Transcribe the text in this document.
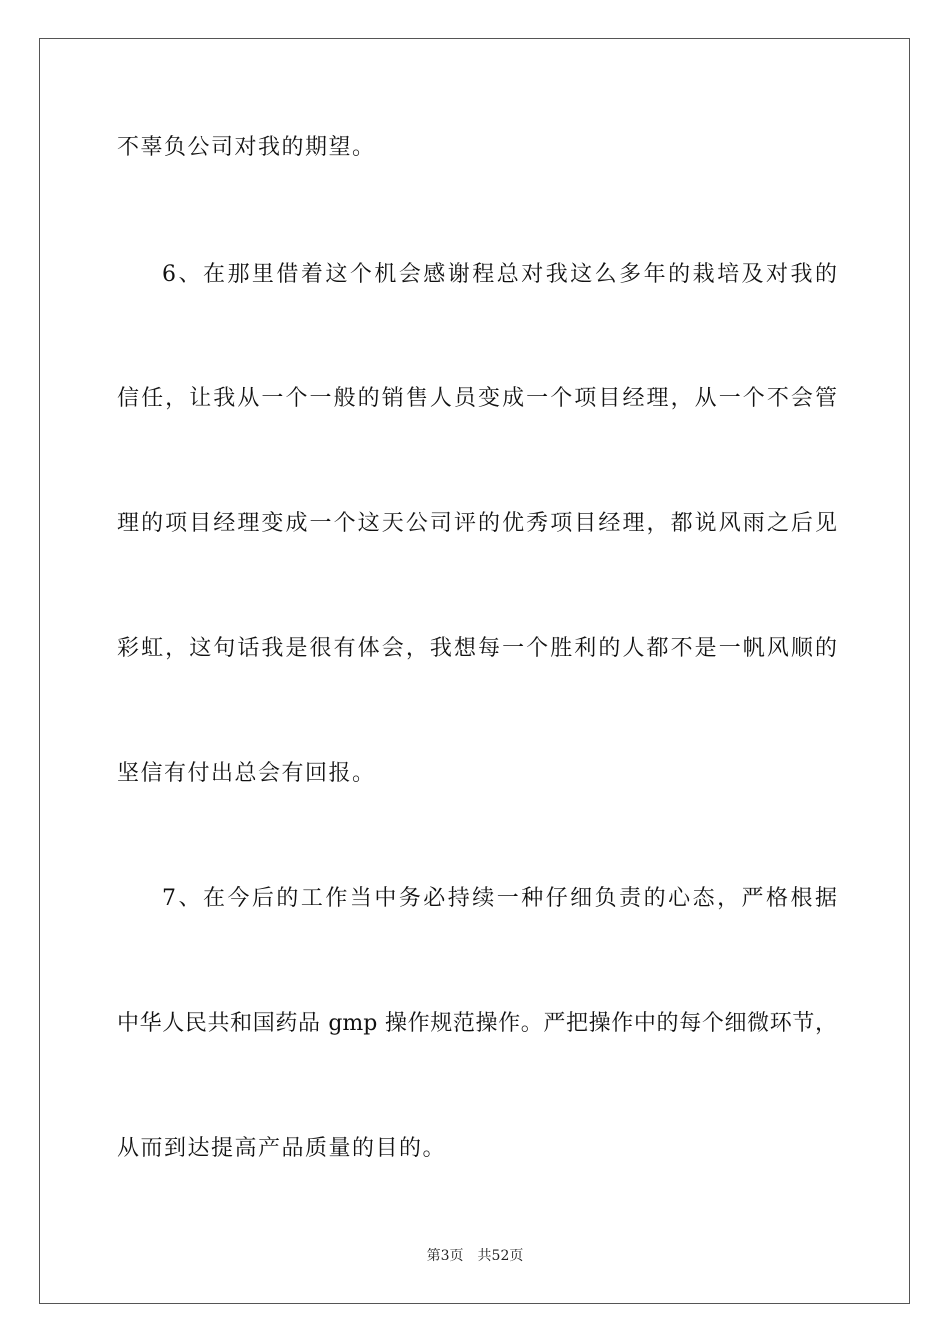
不辜负公司对我的期望。
6、在那里借着这个机会感谢程总对我这么多年的栽培及对我的
信任，让我从一个一般的销售人员变成一个项目经理，从一个不会管
理的项目经理变成一个这天公司评的优秀项目经理，都说风雨之后见
彩虹，这句话我是很有体会，我想每一个胜利的人都不是一帆风顺的
坚信有付出总会有回报。
7、在今后的工作当中务必持续一种仔细负责的心态，严格根据
中华人民共和国药品 gmp 操作规范操作。严把操作中的每个细微环节，
从而到达提高产品质量的目的。
第3页 共52页
